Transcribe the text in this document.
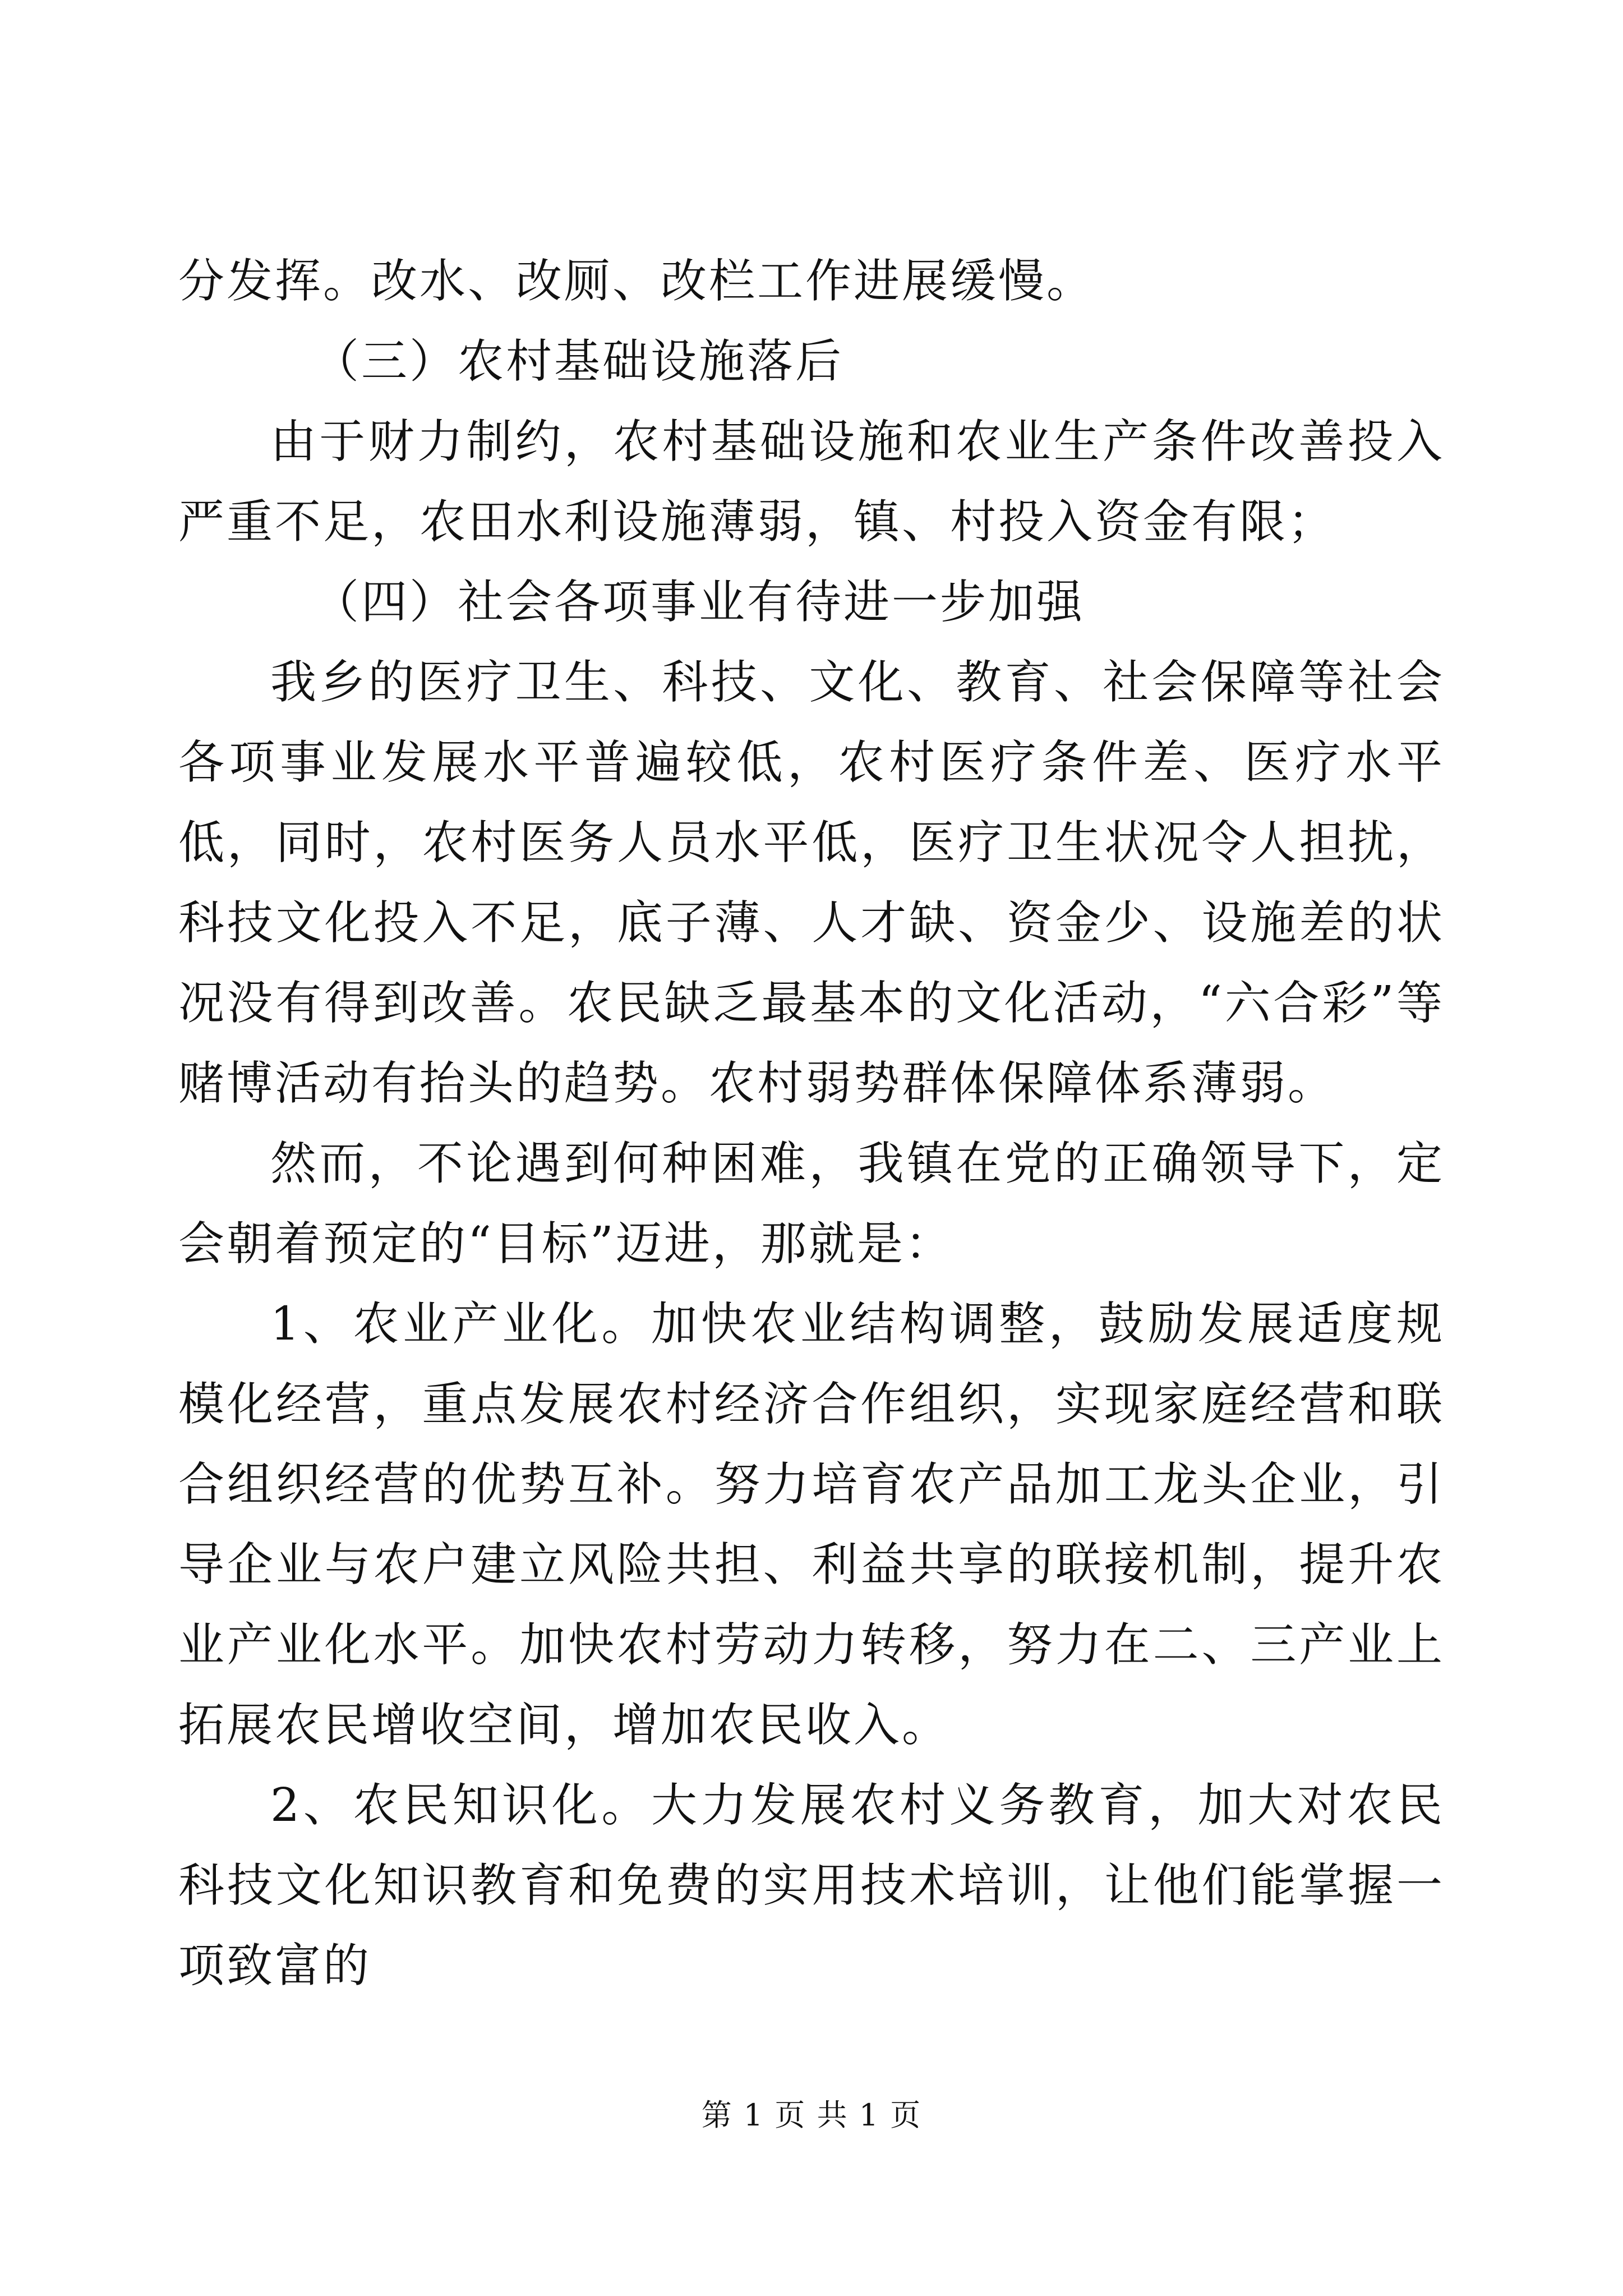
分发挥。改水、改厕、改栏工作进展缓慢。

（三）农村基础设施落后

由于财力制约，农村基础设施和农业生产条件改善投入严重不足，农田水利设施薄弱，镇、村投入资金有限；

（四）社会各项事业有待进一步加强

我乡的医疗卫生、科技、文化、教育、社会保障等社会各项事业发展水平普遍较低，农村医疗条件差、医疗水平低，同时，农村医务人员水平低，医疗卫生状况令人担扰，科技文化投入不足，底子薄、人才缺、资金少、设施差的状况没有得到改善。农民缺乏最基本的文化活动，“六合彩”等赌博活动有抬头的趋势。农村弱势群体保障体系薄弱。

然而，不论遇到何种困难，我镇在党的正确领导下，定会朝着预定的“目标”迈进，那就是：

1、农业产业化。加快农业结构调整，鼓励发展适度规模化经营，重点发展农村经济合作组织，实现家庭经营和联合组织经营的优势互补。努力培育农产品加工龙头企业，引导企业与农户建立风险共担、利益共享的联接机制，提升农业产业化水平。加快农村劳动力转移，努力在二、三产业上拓展农民增收空间，增加农民收入。

2、农民知识化。大力发展农村义务教育，加大对农民科技文化知识教育和免费的实用技术培训，让他们能掌握一项致富的

第 1 页 共 1 页
